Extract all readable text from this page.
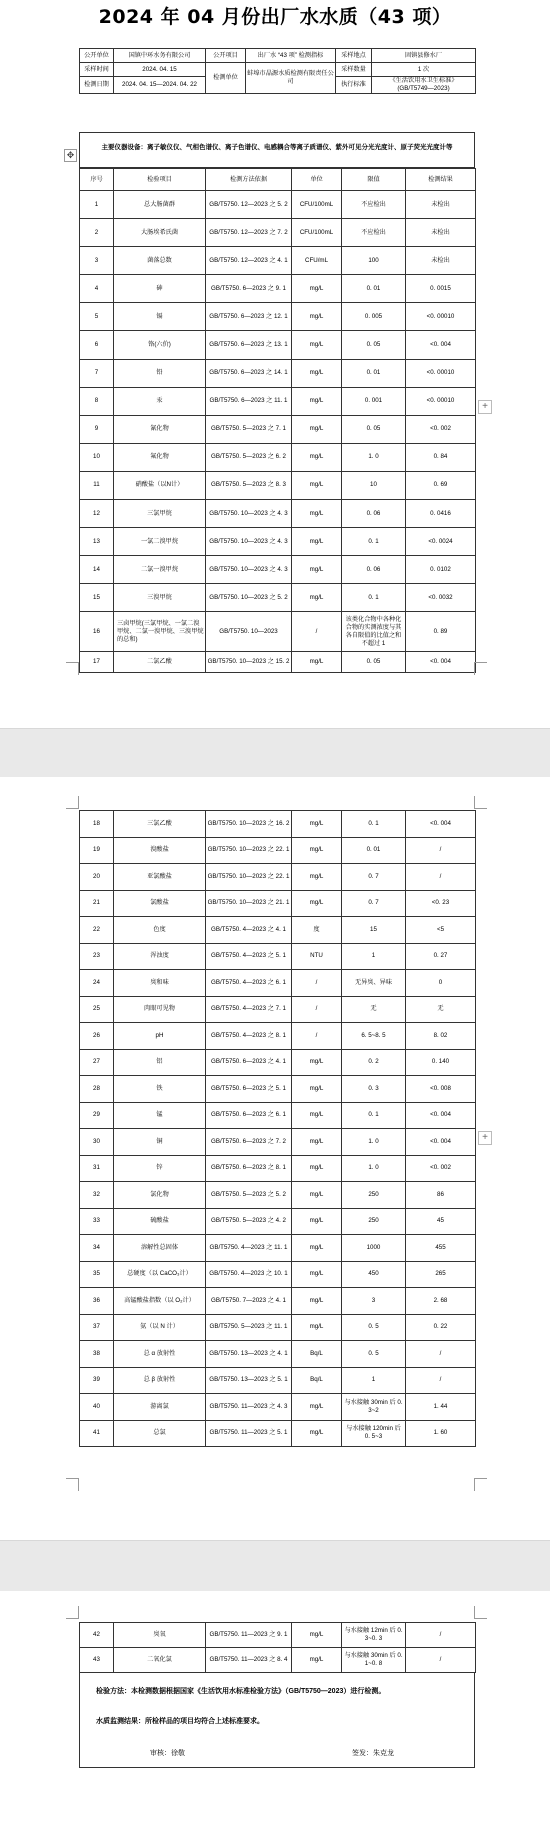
2024 年 04 月份出厂水水质（43 项）
公开单位	国镇中环水务有限公司	公开项目	出厂水 “43 项” 检测指标	采样地点	固镇县修水厂
采样时间	2024. 04. 15	检测单位	蚌埠市晶源水质检测有限责任公司	采样数量	1 次
检测日期	2024. 04. 15—2024. 04. 22			执行标准	《生活饮用水卫生标准》
(GB/T5749—2023)
主要仪器设备：离子敏仪仪、气相色谱仪、离子色谱仪、电感耦合等离子质谱仪、紫外可见分光光度计、原子荧光光度计等
✥
序号	检验项目	检测方法依据	单位	限值	检测结果
1	总大肠菌群	GB/T5750. 12—2023 之 5. 2	CFU/100mL	不应检出	未检出
2	大肠埃希氏菌	GB/T5750. 12—2023 之 7. 2	CFU/100mL	不应检出	未检出
3	菌落总数	GB/T5750. 12—2023 之 4. 1	CFU/mL	100	未检出
4	砷	GB/T5750. 6—2023 之 9. 1	mg/L	0. 01	0. 0015
5	镉	GB/T5750. 6—2023 之 12. 1	mg/L	0. 005	<0. 00010
6	铬(六价)	GB/T5750. 6—2023 之 13. 1	mg/L	0. 05	<0. 004
7	铅	GB/T5750. 6—2023 之 14. 1	mg/L	0. 01	<0. 00010
8	汞	GB/T5750. 6—2023 之 11. 1	mg/L	0. 001	<0. 00010
9	氰化物	GB/T5750. 5—2023 之 7. 1	mg/L	0. 05	<0. 002
10	氟化物	GB/T5750. 5—2023 之 6. 2	mg/L	1. 0	0. 84
11	硝酸盐（以N计）	GB/T5750. 5—2023 之 8. 3	mg/L	10	0. 69
12	三氯甲烷	GB/T5750. 10—2023 之 4. 3	mg/L	0. 06	0. 0416
13	一氯二溴甲烷	GB/T5750. 10—2023 之 4. 3	mg/L	0. 1	<0. 0024
14	二氯一溴甲烷	GB/T5750. 10—2023 之 4. 3	mg/L	0. 06	0. 0102
15	三溴甲烷	GB/T5750. 10—2023 之 5. 2	mg/L	0. 1	<0. 0032
16	三卤甲烷(三氯甲烷、一氯二溴甲烷、二氯一溴甲烷、三溴甲烷的总和)	GB/T5750. 10—2023	/	该类化合物中各种化合物的实测浓度与其各自限值的比值之和不超过 1	0. 89
17	二氯乙酸	GB/T5750. 10—2023 之 15. 2	mg/L	0. 05	<0. 004
18	三氯乙酸	GB/T5750. 10—2023 之 16. 2	mg/L	0. 1	<0. 004
19	溴酸盐	GB/T5750. 10—2023 之 22. 1	mg/L	0. 01	/
20	亚氯酸盐	GB/T5750. 10—2023 之 22. 1	mg/L	0. 7	/
21	氯酸盐	GB/T5750. 10—2023 之 21. 1	mg/L	0. 7	<0. 23
22	色度	GB/T5750. 4—2023 之 4. 1	度	15	<5
23	浑浊度	GB/T5750. 4—2023 之 5. 1	NTU	1	0. 27
24	臭和味	GB/T5750. 4—2023 之 6. 1	/	无异臭、异味	0
25	肉眼可见物	GB/T5750. 4—2023 之 7. 1	/	无	无
26	pH	GB/T5750. 4—2023 之 8. 1	/	6. 5~8. 5	8. 02
27	铝	GB/T5750. 6—2023 之 4. 1	mg/L	0. 2	0. 140
28	铁	GB/T5750. 6—2023 之 5. 1	mg/L	0. 3	<0. 008
29	锰	GB/T5750. 6—2023 之 6. 1	mg/L	0. 1	<0. 004
30	铜	GB/T5750. 6—2023 之 7. 2	mg/L	1. 0	<0. 004
31	锌	GB/T5750. 6—2023 之 8. 1	mg/L	1. 0	<0. 002
32	氯化物	GB/T5750. 5—2023 之 5. 2	mg/L	250	86
33	硫酸盐	GB/T5750. 5—2023 之 4. 2	mg/L	250	45
34	溶解性总固体	GB/T5750. 4—2023 之 11. 1	mg/L	1000	455
35	总硬度（以 CaCO₃计）	GB/T5750. 4—2023 之 10. 1	mg/L	450	265
36	高锰酸盐指数（以 O₂计）	GB/T5750. 7—2023 之 4. 1	mg/L	3	2. 68
37	氨（以 N 计）	GB/T5750. 5—2023 之 11. 1	mg/L	0. 5	0. 22
38	总 α 放射性	GB/T5750. 13—2023 之 4. 1	Bq/L	0. 5	/
39	总 β 放射性	GB/T5750. 13—2023 之 5. 1	Bq/L	1	/
40	游离氯	GB/T5750. 11—2023 之 4. 3	mg/L	与水接触 30min 后 0. 3~2	1. 44
41	总氯	GB/T5750. 11—2023 之 5. 1	mg/L	与水接触 120min 后 0. 5~3	1. 60
42	臭氧	GB/T5750. 11—2023 之 9. 1	mg/L	与水接触 12min 后 0. 3~0. 3	/
43	二氧化氯	GB/T5750. 11—2023 之 8. 4	mg/L	与水接触 30min 后 0. 1~0. 8	/
检验方法：本检测数据根据国家《生活饮用水标准检验方法》（GB/T5750—2023）进行检测。
水质监测结果：所检样品的项目均符合上述标准要求。
审核：徐敬	签发：朱克龙
+
+
